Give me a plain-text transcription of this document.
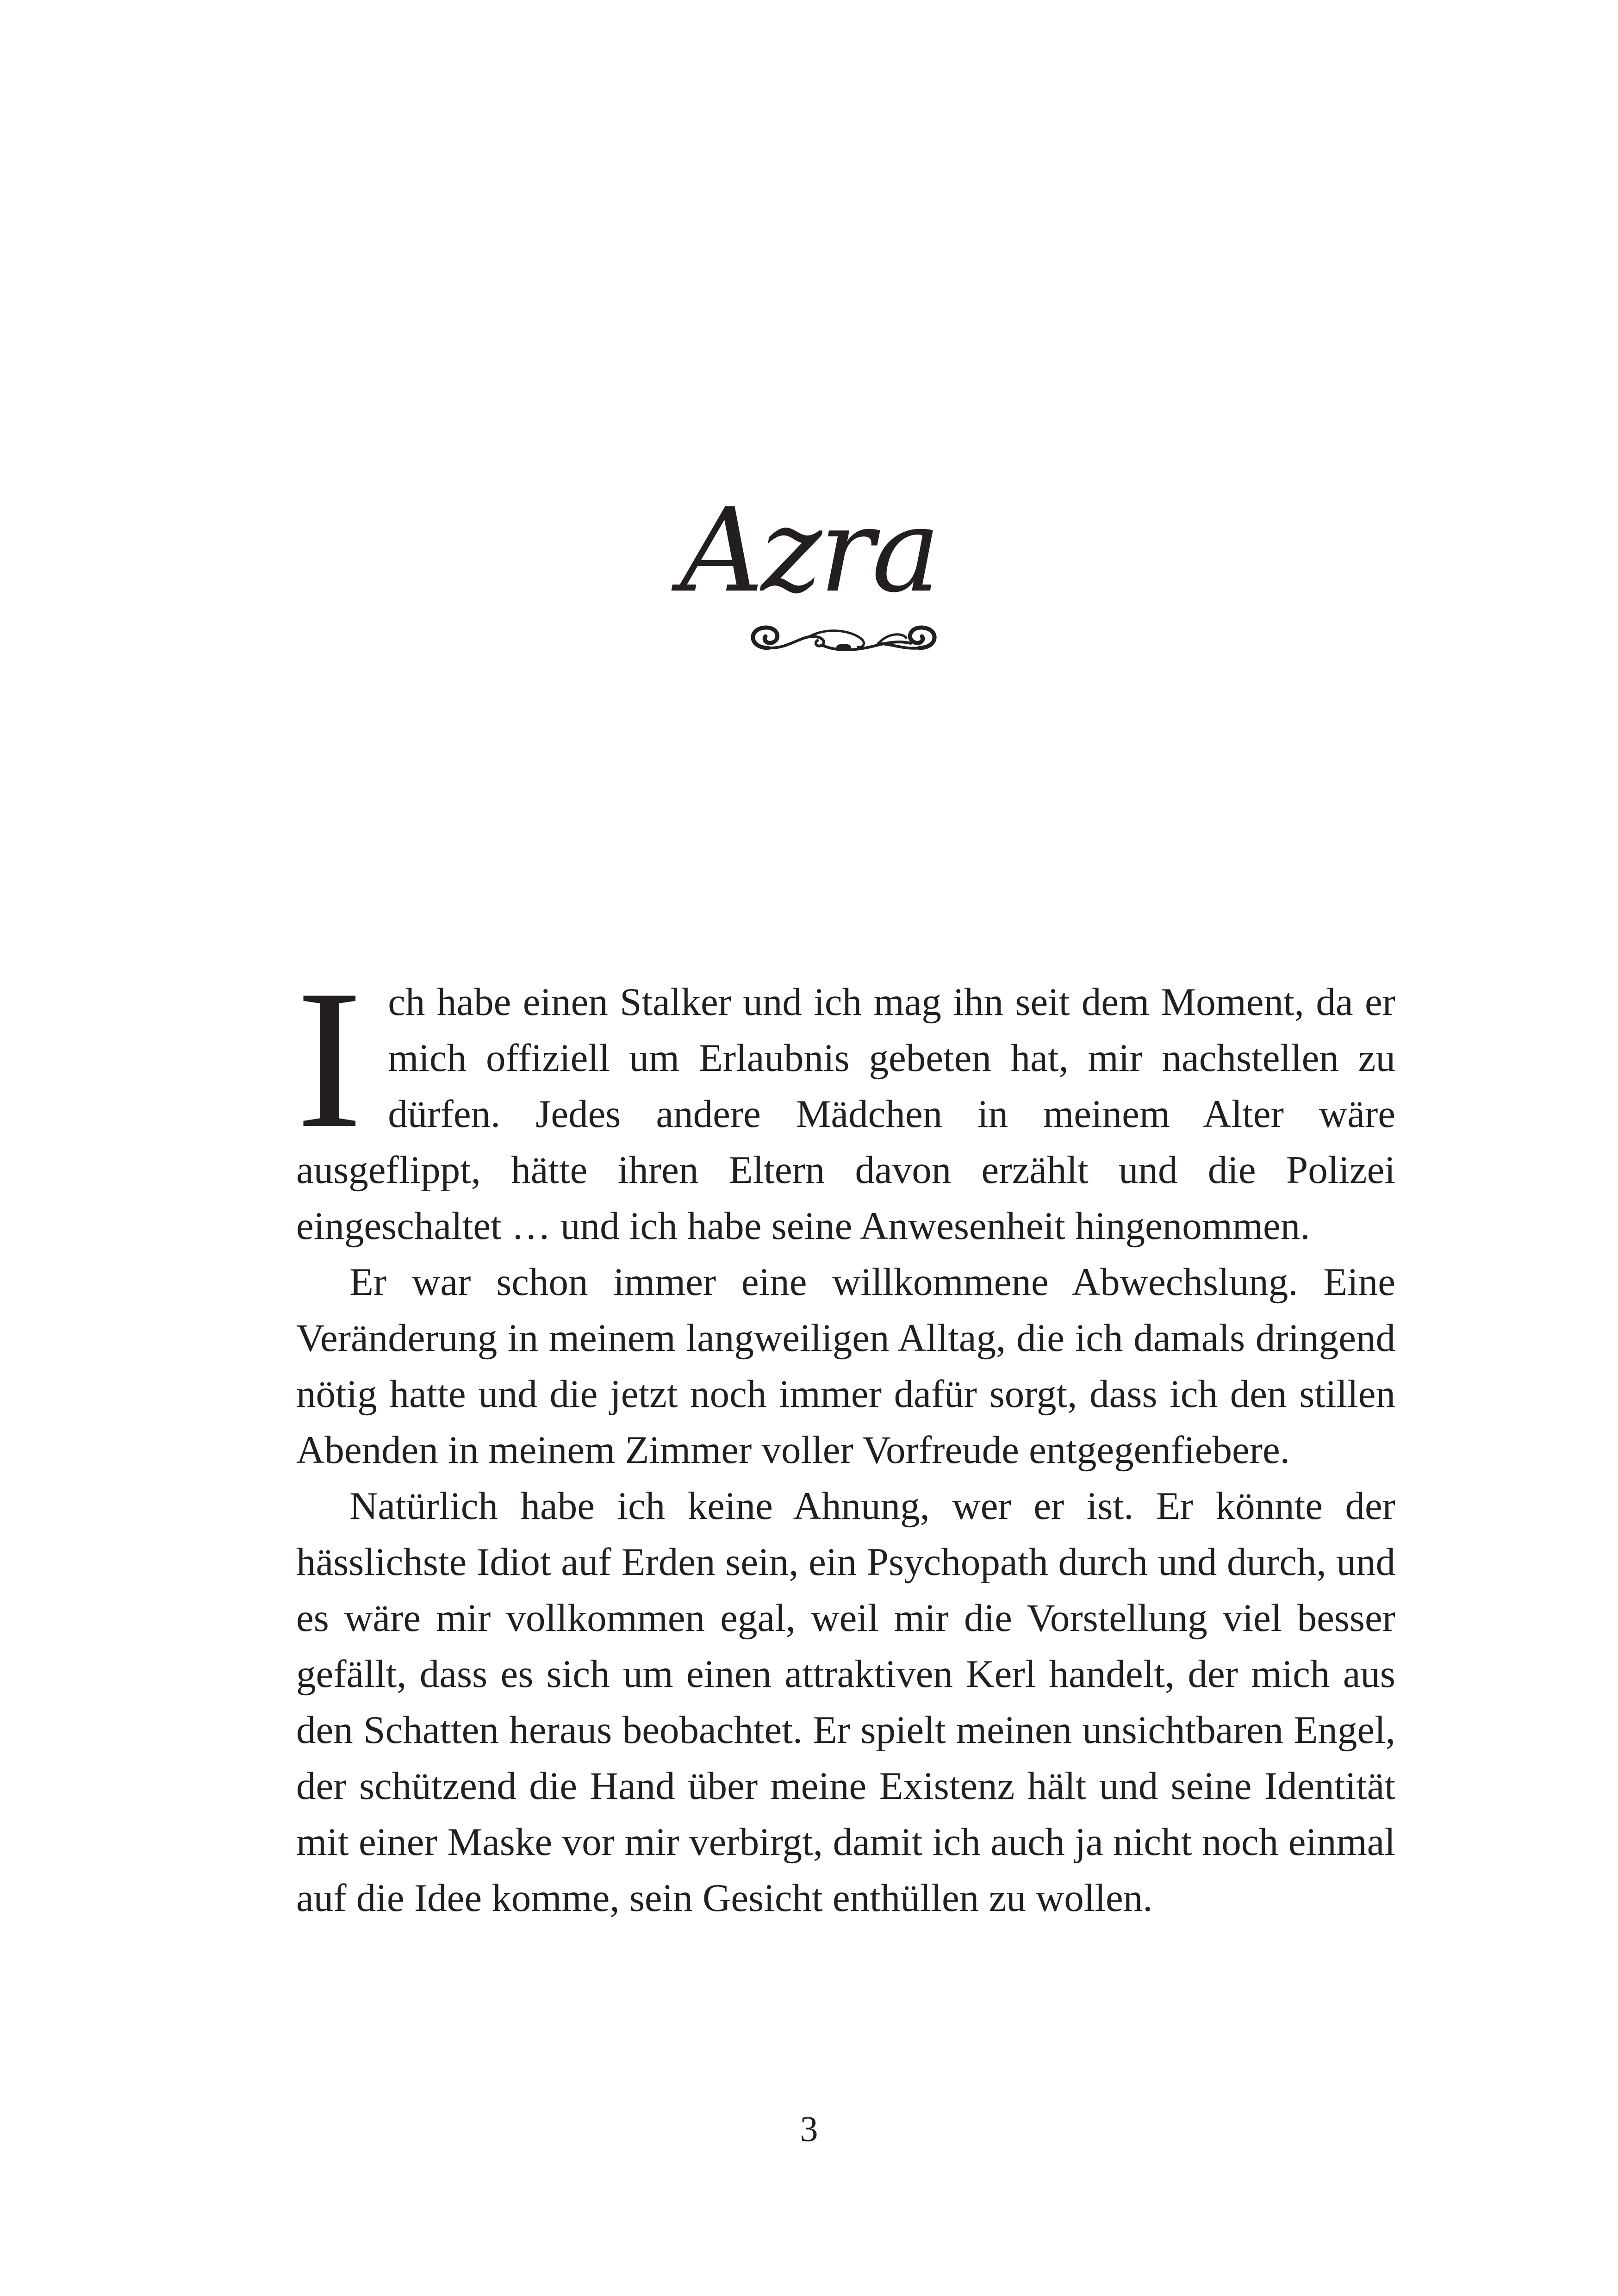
Azra

Ich habe einen Stalker und ich mag ihn seit dem Moment, da er mich offiziell um Erlaubnis gebeten hat, mir nachstellen zu dürfen. Jedes andere Mädchen in meinem Alter wäre ausgeflippt, hätte ihren Eltern davon erzählt und die Polizei eingeschaltet … und ich habe seine Anwesenheit hingenommen.

Er war schon immer eine willkommene Abwechslung. Eine Veränderung in meinem langweiligen Alltag, die ich damals dringend nötig hatte und die jetzt noch immer dafür sorgt, dass ich den stillen Abenden in meinem Zimmer voller Vorfreude entgegenfiebere.

Natürlich habe ich keine Ahnung, wer er ist. Er könnte der hässlichste Idiot auf Erden sein, ein Psychopath durch und durch, und es wäre mir vollkommen egal, weil mir die Vorstellung viel besser gefällt, dass es sich um einen attraktiven Kerl handelt, der mich aus den Schatten heraus beobachtet. Er spielt meinen unsichtbaren Engel, der schützend die Hand über meine Existenz hält und seine Identität mit einer Maske vor mir verbirgt, damit ich auch ja nicht noch einmal auf die Idee komme, sein Gesicht enthüllen zu wollen.

3
